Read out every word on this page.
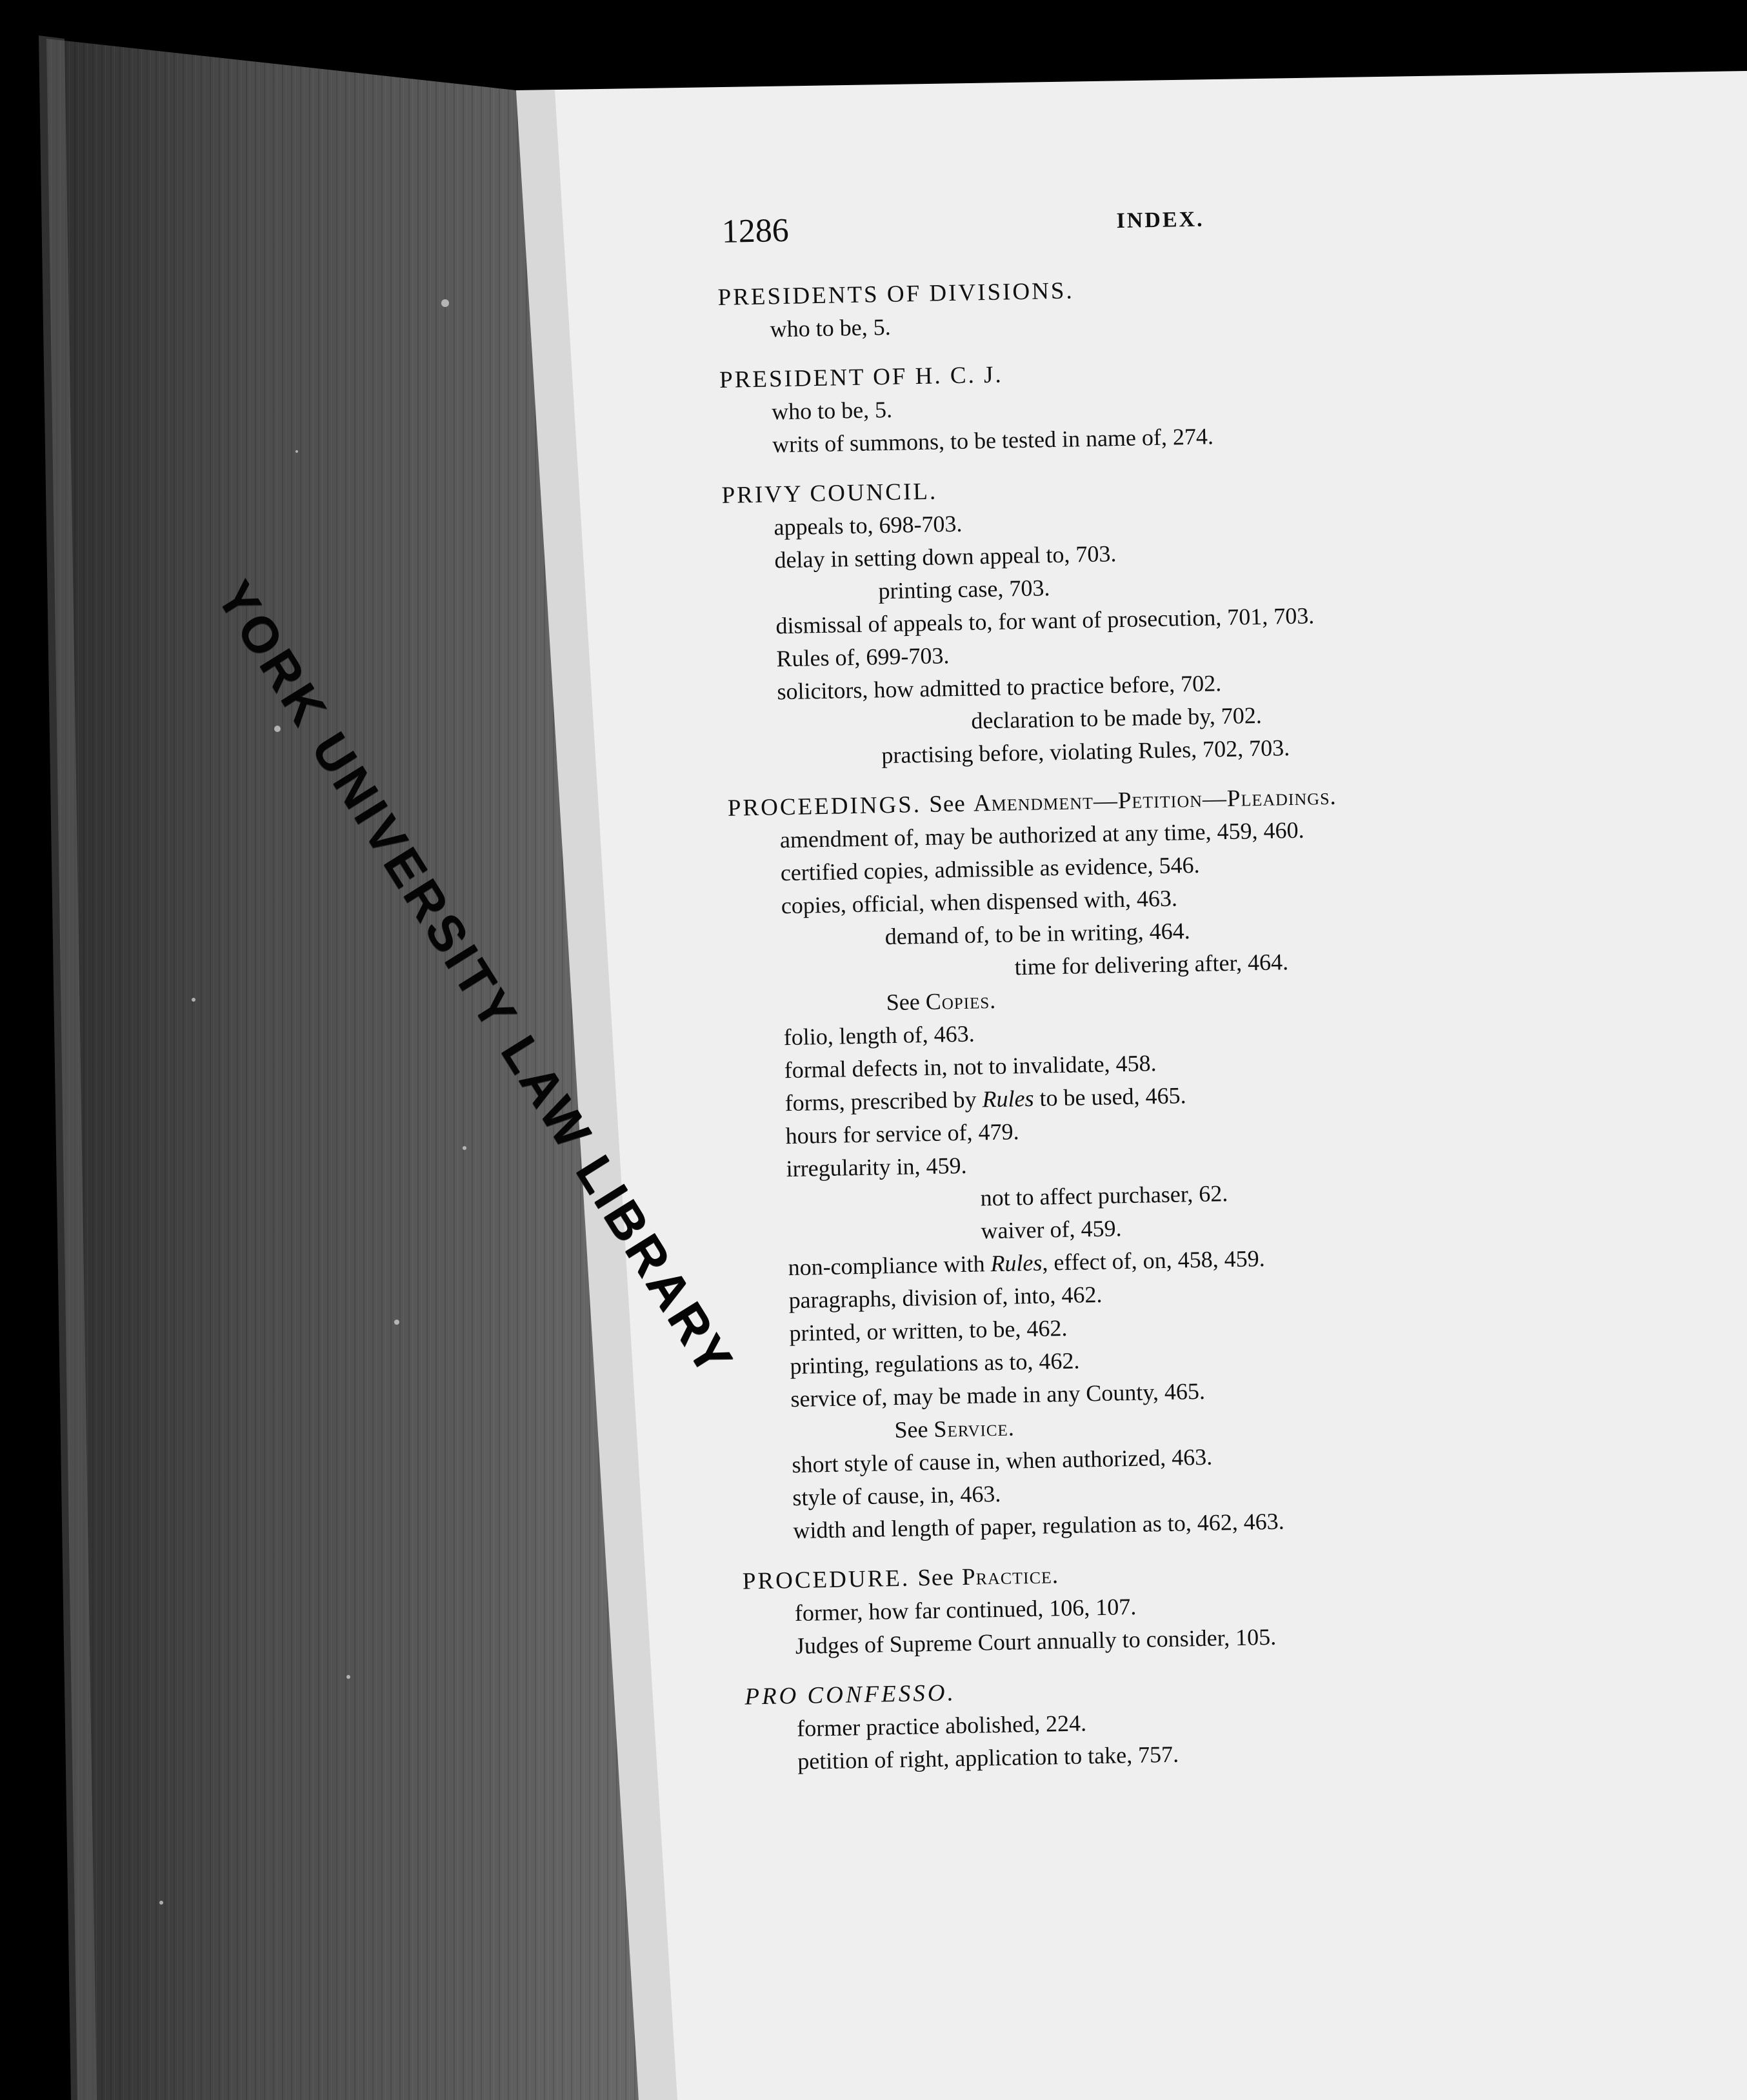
YORK UNIVERSITY LAW LIBRARY
1286	INDEX.
PRESIDENTS OF DIVISIONS.
who to be, 5.
PRESIDENT OF H. C. J.
who to be, 5.
writs of summons, to be tested in name of, 274.
PRIVY COUNCIL.
appeals to, 698-703.
delay in setting down appeal to, 703.
printing case, 703.
dismissal of appeals to, for want of prosecution, 701, 703.
Rules of, 699-703.
solicitors, how admitted to practice before, 702.
declaration to be made by, 702.
practising before, violating Rules, 702, 703.
PROCEEDINGS. See Amendment—Petition—Pleadings.
amendment of, may be authorized at any time, 459, 460.
certified copies, admissible as evidence, 546.
copies, official, when dispensed with, 463.
demand of, to be in writing, 464.
time for delivering after, 464.
See Copies.
folio, length of, 463.
formal defects in, not to invalidate, 458.
forms, prescribed by Rules to be used, 465.
hours for service of, 479.
irregularity in, 459.
not to affect purchaser, 62.
waiver of, 459.
non-compliance with Rules, effect of, on, 458, 459.
paragraphs, division of, into, 462.
printed, or written, to be, 462.
printing, regulations as to, 462.
service of, may be made in any County, 465.
See Service.
short style of cause in, when authorized, 463.
style of cause, in, 463.
width and length of paper, regulation as to, 462, 463.
PROCEDURE. See Practice.
former, how far continued, 106, 107.
Judges of Supreme Court annually to consider, 105.
PRO CONFESSO.
former practice abolished, 224.
petition of right, application to take, 757.
